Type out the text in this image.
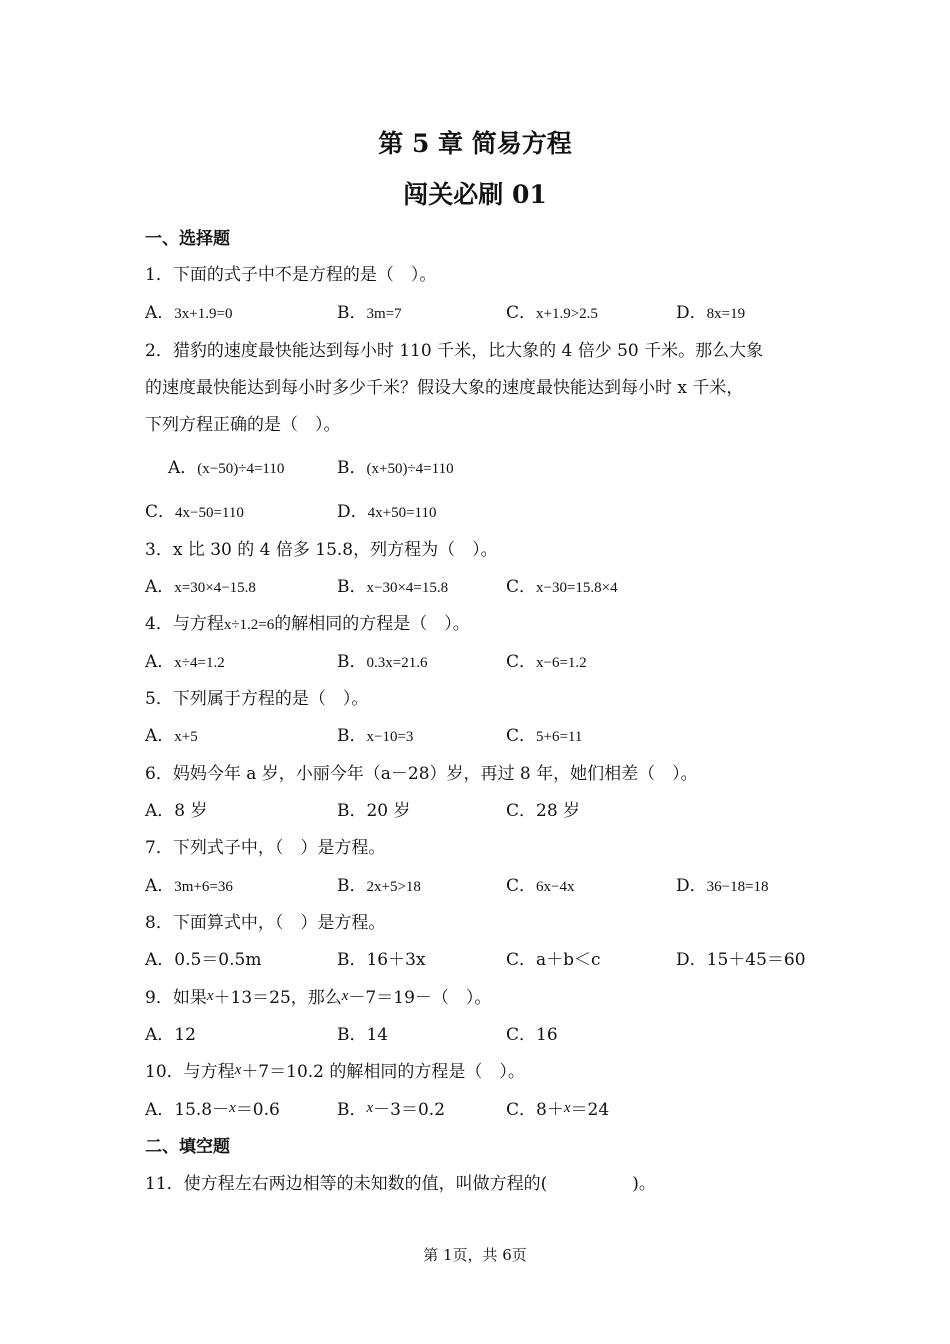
第 5 章 简易方程
闯关必刷 01
一、选择题
1．下面的式子中不是方程的是（　）。
A．3x+1.9=0	B．3m=7	C．x+1.9>2.5	D．8x=19
2．猎豹的速度最快能达到每小时 110 千米，比大象的 4 倍少 50 千米。那么大象
的速度最快能达到每小时多少千米？假设大象的速度最快能达到每小时 x 千米，
下列方程正确的是（　）。
A．(x−50)÷4=110	B．(x+50)÷4=110
C．4x−50=110	D．4x+50=110
3．x 比 30 的 4 倍多 15.8，列方程为（　）。
A．x=30×4−15.8	B．x−30×4=15.8	C．x−30=15.8×4
4．与方程x÷1.2=6的解相同的方程是（　）。
A．x÷4=1.2	B．0.3x=21.6	C．x−6=1.2
5．下列属于方程的是（　）。
A．x+5	B．x−10=3	C．5+6=11
6．妈妈今年 a 岁，小丽今年（a－28）岁，再过 8 年，她们相差（　）。
A．8 岁	B．20 岁	C．28 岁
7．下列式子中，（　）是方程。
A．3m+6=36	B．2x+5>18	C．6x−4x	D．36−18=18
8．下面算式中，（　）是方程。
A．0.5＝0.5m	B．16＋3x	C．a＋b＜c	D．15＋45＝60
9．如果x＋13＝25，那么x－7＝19－（　）。
A．12	B．14	C．16
10．与方程x＋7＝10.2 的解相同的方程是（　）。
A．15.8－x＝0.6	B．x－3＝0.2	C．8＋x＝24
二、填空题
11．使方程左右两边相等的未知数的值，叫做方程的(　　　　　)。
第 1页，共 6页
